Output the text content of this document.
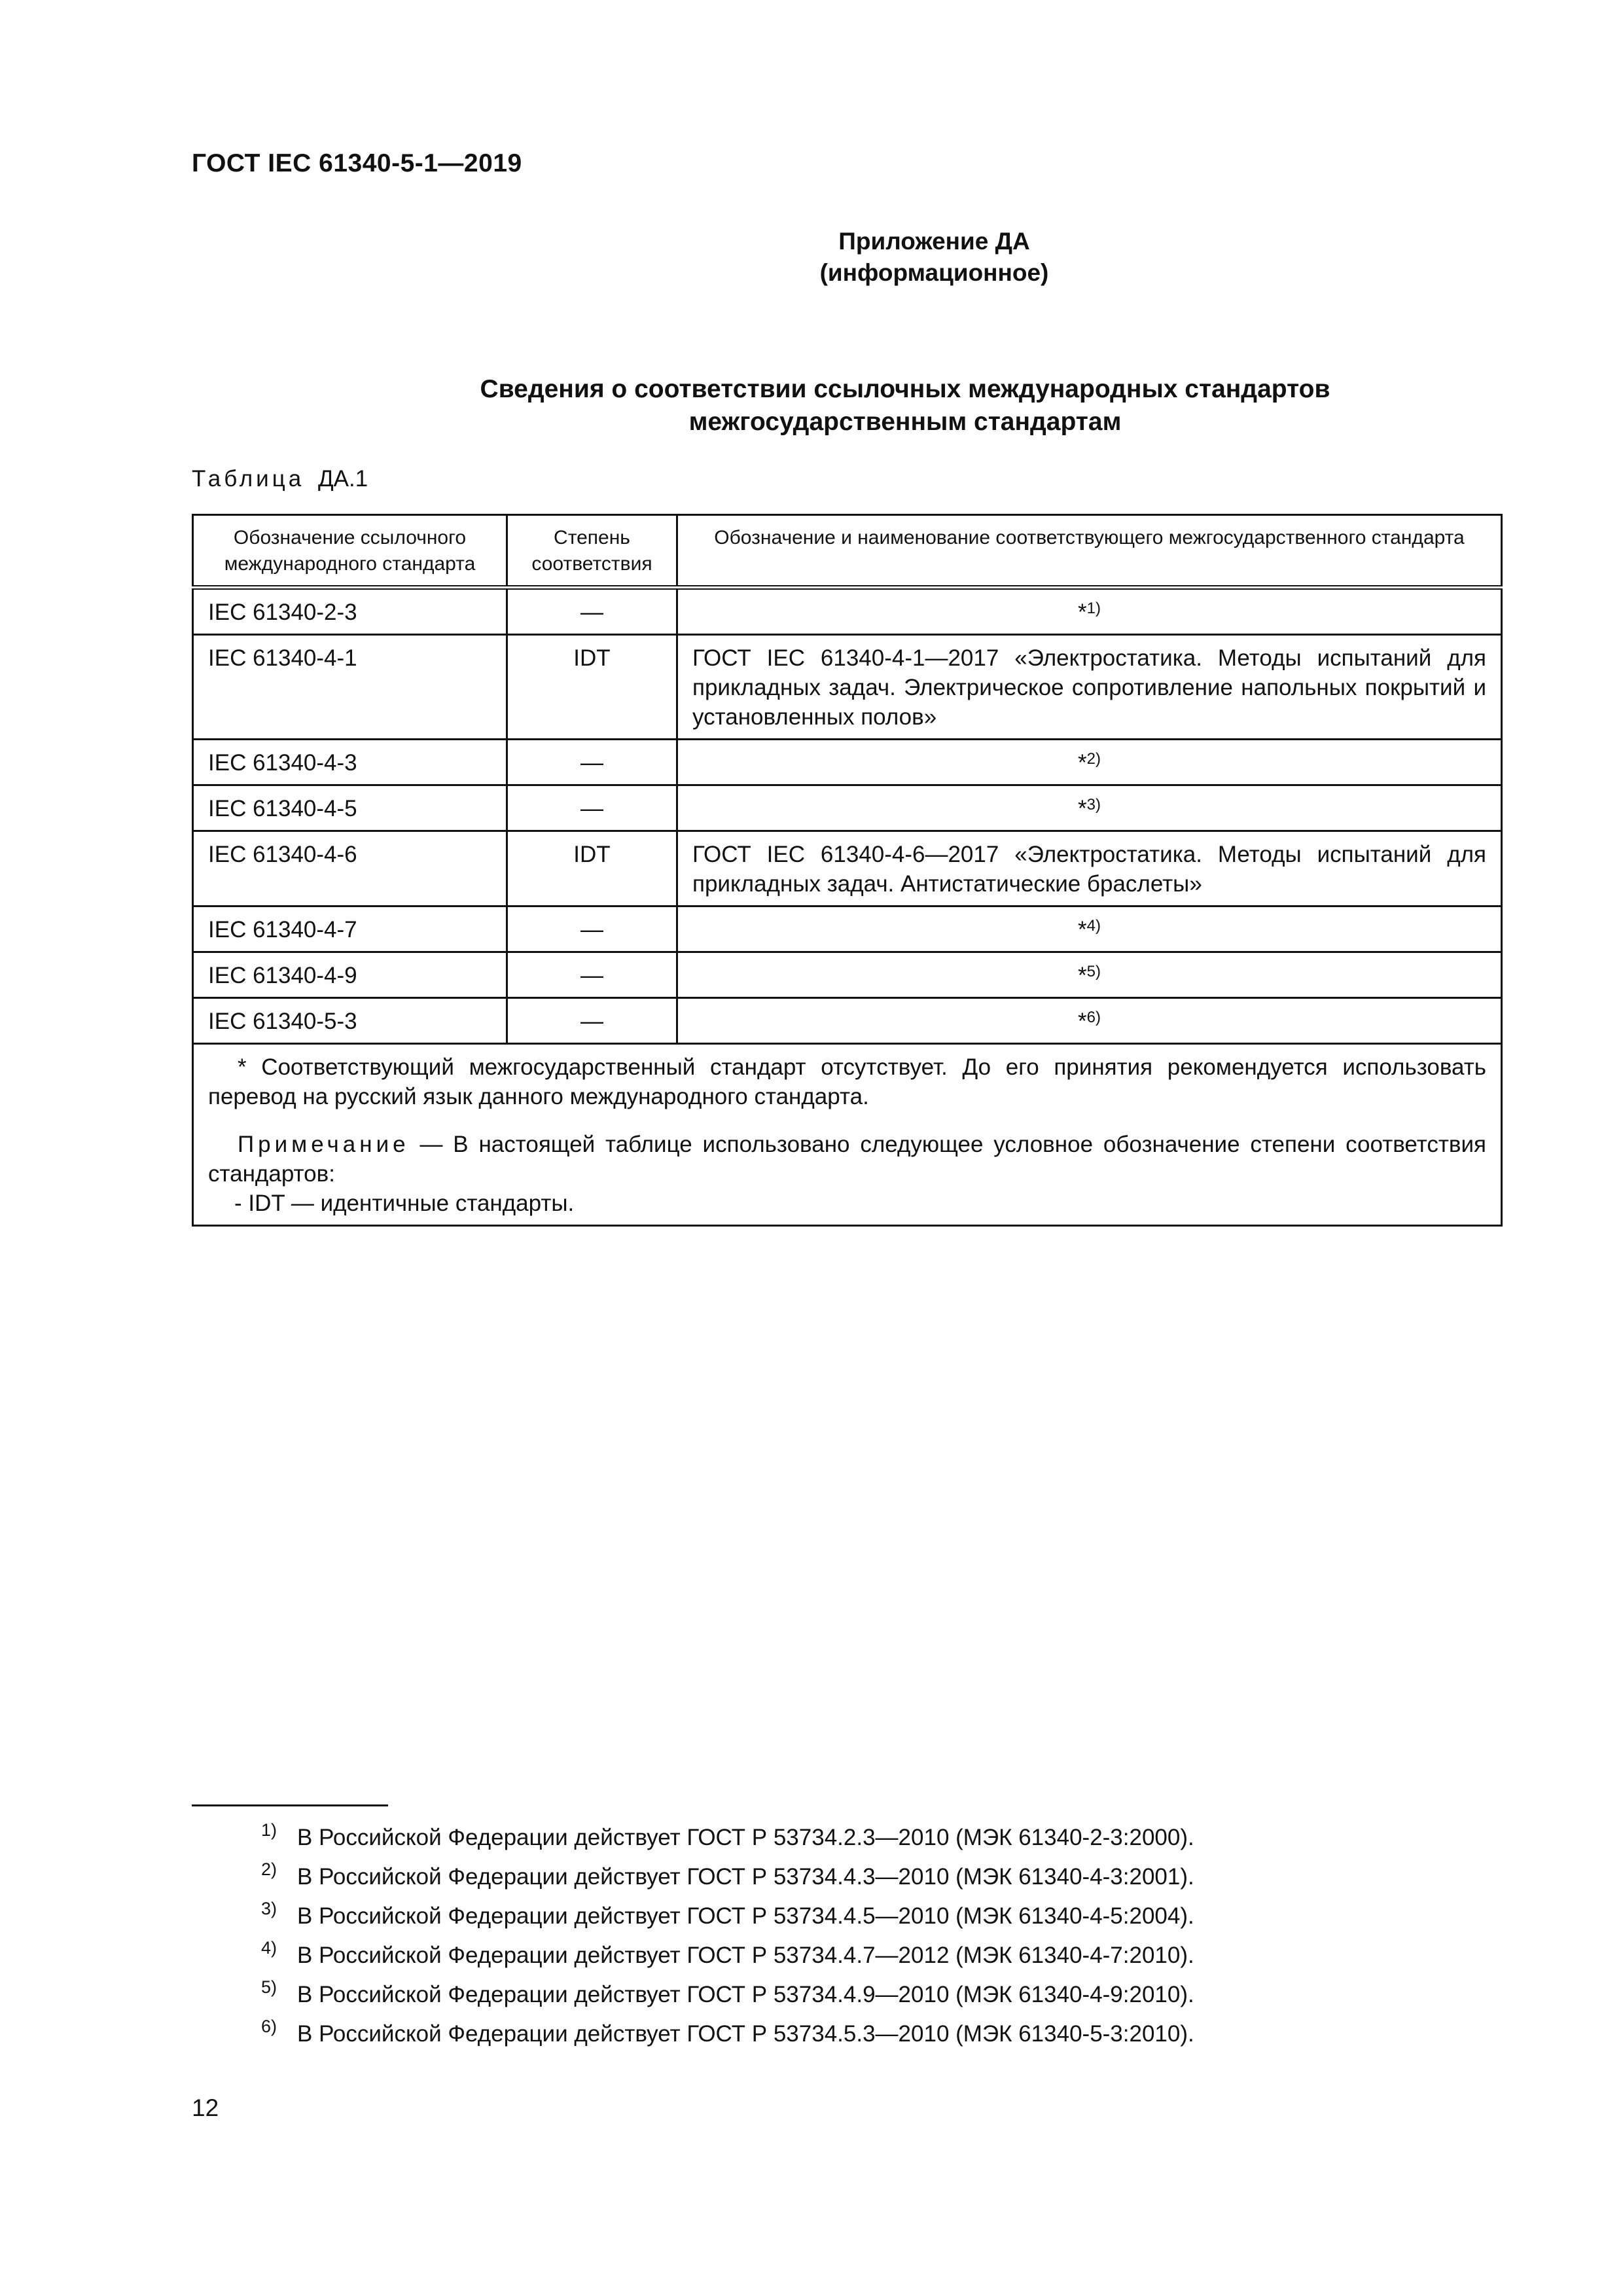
ГОСТ IEC 61340-5-1—2019
Приложение ДА
(информационное)
Сведения о соответствии ссылочных международных стандартов
межгосударственным стандартам
Таблица ДА.1
Обозначение ссылочного международного стандарта	Степень соответствия	Обозначение и наименование соответствующего межгосударственного стандарта
IEC 61340-2-3	—	*$^{1)}$
IEC 61340-4-1	IDT	ГОСТ IEC 61340-4-1—2017 «Электростатика. Методы испытаний для прикладных задач. Электрическое сопротивление напольных покрытий и установленных полов»
IEC 61340-4-3	—	*$^{2)}$
IEC 61340-4-5	—	*$^{3)}$
IEC 61340-4-6	IDT	ГОСТ IEC 61340-4-6—2017 «Электростатика. Методы испытаний для прикладных задач. Антистатические браслеты»
IEC 61340-4-7	—	*$^{4)}$
IEC 61340-4-9	—	*$^{5)}$
IEC 61340-5-3	—	*$^{6)}$

* Соответствующий межгосударственный стандарт отсутствует. До его принятия рекомендуется использовать перевод на русский язык данного международного стандарта.
Примечание — В настоящей таблице использовано следующее условное обозначение степени соответствия стандартов:
- IDT — идентичные стандарты.		
1) В Российской Федерации действует ГОСТ Р 53734.2.3—2010 (МЭК 61340-2-3:2000).
2) В Российской Федерации действует ГОСТ Р 53734.4.3—2010 (МЭК 61340-4-3:2001).
3) В Российской Федерации действует ГОСТ Р 53734.4.5—2010 (МЭК 61340-4-5:2004).
4) В Российской Федерации действует ГОСТ Р 53734.4.7—2012 (МЭК 61340-4-7:2010).
5) В Российской Федерации действует ГОСТ Р 53734.4.9—2010 (МЭК 61340-4-9:2010).
6) В Российской Федерации действует ГОСТ Р 53734.5.3—2010 (МЭК 61340-5-3:2010).
12
